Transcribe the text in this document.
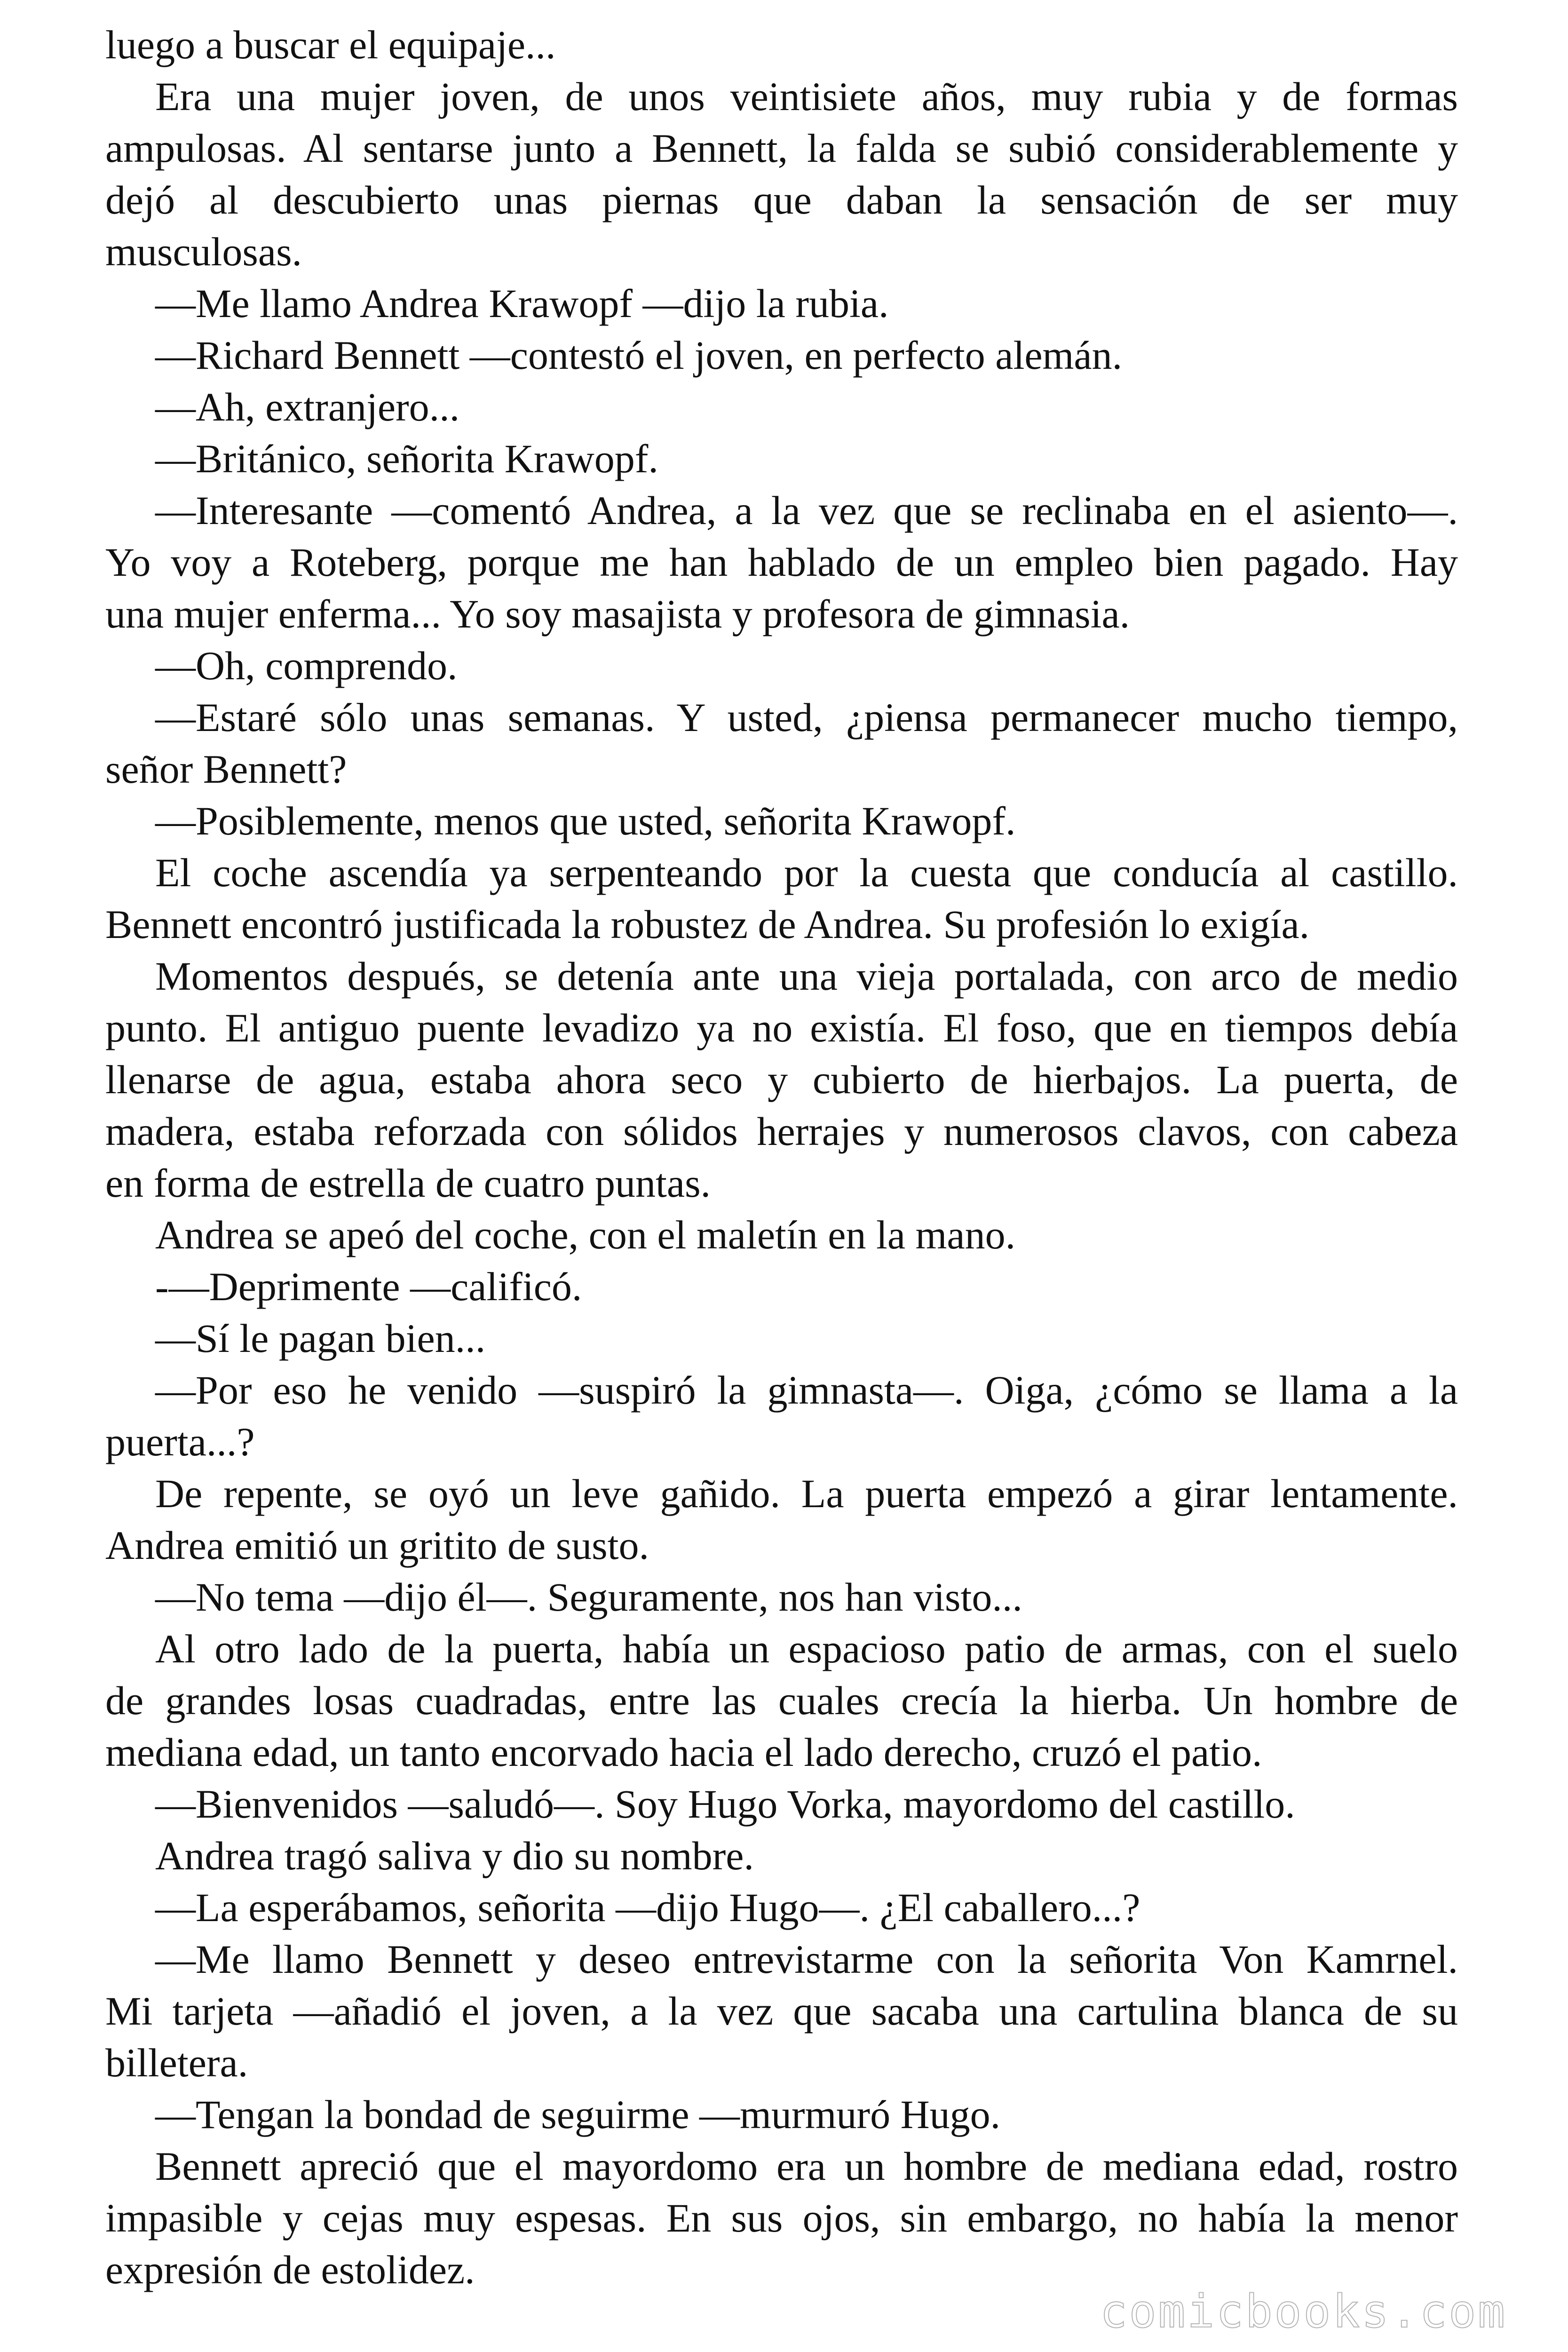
luego a buscar el equipaje...
Era una mujer joven, de unos veintisiete años, muy rubia y de formas
ampulosas. Al sentarse junto a Bennett, la falda se subió considerablemente y
dejó al descubierto unas piernas que daban la sensación de ser muy
musculosas.
—Me llamo Andrea Krawopf —dijo la rubia.
—Richard Bennett —contestó el joven, en perfecto alemán.
—Ah, extranjero...
—Británico, señorita Krawopf.
—Interesante —comentó Andrea, a la vez que se reclinaba en el asiento—.
Yo voy a Roteberg, porque me han hablado de un empleo bien pagado. Hay
una mujer enferma... Yo soy masajista y profesora de gimnasia.
—Oh, comprendo.
—Estaré sólo unas semanas. Y usted, ¿piensa permanecer mucho tiempo,
señor Bennett?
—Posiblemente, menos que usted, señorita Krawopf.
El coche ascendía ya serpenteando por la cuesta que conducía al castillo.
Bennett encontró justificada la robustez de Andrea. Su profesión lo exigía.
Momentos después, se detenía ante una vieja portalada, con arco de medio
punto. El antiguo puente levadizo ya no existía. El foso, que en tiempos debía
llenarse de agua, estaba ahora seco y cubierto de hierbajos. La puerta, de
madera, estaba reforzada con sólidos herrajes y numerosos clavos, con cabeza
en forma de estrella de cuatro puntas.
Andrea se apeó del coche, con el maletín en la mano.
-—Deprimente —calificó.
—Sí le pagan bien...
—Por eso he venido —suspiró la gimnasta—. Oiga, ¿cómo se llama a la
puerta...?
De repente, se oyó un leve gañido. La puerta empezó a girar lentamente.
Andrea emitió un gritito de susto.
—No tema —dijo él—. Seguramente, nos han visto...
Al otro lado de la puerta, había un espacioso patio de armas, con el suelo
de grandes losas cuadradas, entre las cuales crecía la hierba. Un hombre de
mediana edad, un tanto encorvado hacia el lado derecho, cruzó el patio.
—Bienvenidos —saludó—. Soy Hugo Vorka, mayordomo del castillo.
Andrea tragó saliva y dio su nombre.
—La esperábamos, señorita —dijo Hugo—. ¿El caballero...?
—Me llamo Bennett y deseo entrevistarme con la señorita Von Kamrnel.
Mi tarjeta —añadió el joven, a la vez que sacaba una cartulina blanca de su
billetera.
—Tengan la bondad de seguirme —murmuró Hugo.
Bennett apreció que el mayordomo era un hombre de mediana edad, rostro
impasible y cejas muy espesas. En sus ojos, sin embargo, no había la menor
expresión de estolidez.
comicbooks.com
